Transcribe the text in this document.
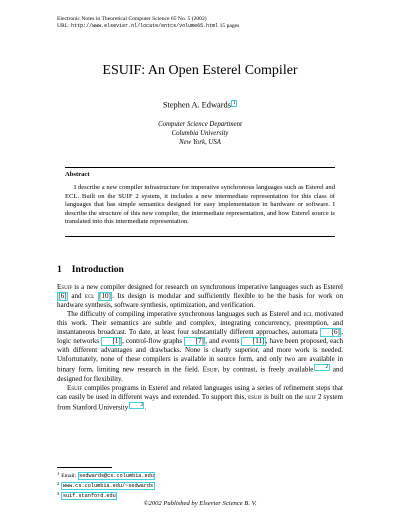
Electronic Notes in Theoretical Computer Science 65 No. 5 (2002)
URL: http://www.elsevier.nl/locate/entcs/volume65.html 15 pages
ESUIF: An Open Esterel Compiler
Stephen A. Edwards 1
Computer Science Department
Columbia University
New York, USA
Abstract
I describe a new compiler infrastructure for imperative synchronous languages such as Esterel and ECL. Built on the SUIF 2 system, it includes a new intermediate representation for this class of languages that has simple semantics designed for easy implementation in hardware or software. I describe the structure of this new compiler, the intermediate representation, and how Esterel source is translated into this intermediate representation.
1 Introduction

Esuif is a new compiler designed for research on synchronous imperative languages such as Esterel [6] and ecl [10]. Its design is modular and sufficiently flexible to be the basis for work on hardware synthesis, software synthesis, optimization, and verification.

The difficulty of compiling imperative synchronous languages such as Esterel and ecl motivated this work. Their semantics are subtle and complex, integrating concurrency, preemption, and instantaneous broadcast. To date, at least four substantially different approaches, automata [6], logic networks [1], control-flow graphs [7], and events [11], have been proposed, each with different advantages and drawbacks. None is clearly superior, and more work is needed. Unfortunately, none of these compilers is available in source form, and only two are available in binary form, limiting new research in the field. Esuif, by contrast, is freely available 2 and designed for flexibility.

Esuif compiles programs in Esterel and related languages using a series of refinement steps that can easily be used in different ways and extended. To support this, esuif is built on the suif 2 system from Stanford University 3 .

$^1$ Email: sedwards@cs.columbia.edu
$^2$ www.cs.columbia.edu/~sedwards
$^3$ suif.stanford.edu
©2002 Published by Elsevier Science B. V.
